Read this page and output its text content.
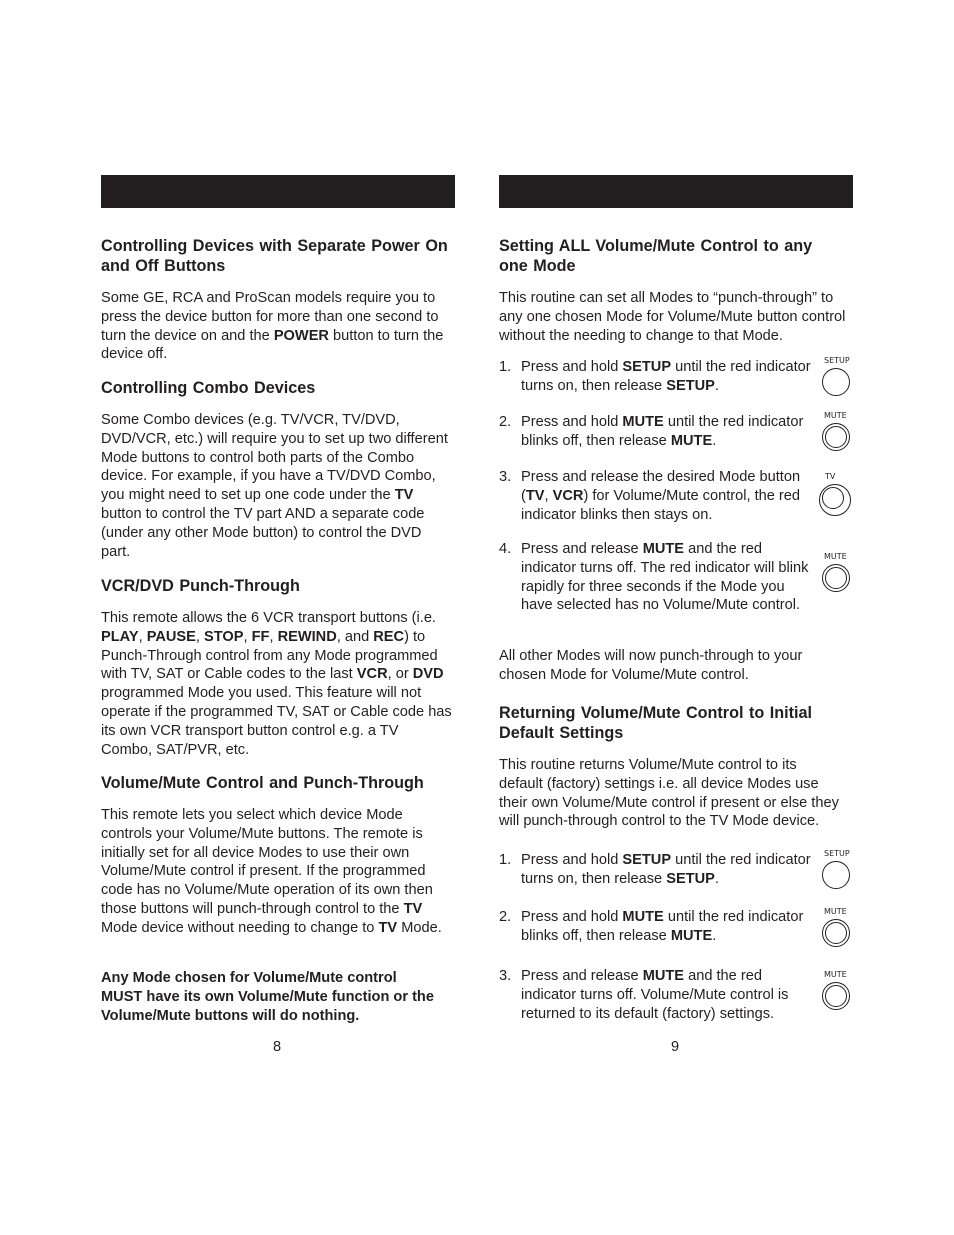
Controlling Devices with Separate Power On and Off Buttons

Some GE, RCA and ProScan models require you to press the device button for more than one second to turn the device on and the POWER button to turn the device off.

Controlling Combo Devices

Some Combo devices (e.g. TV/VCR, TV/DVD, DVD/VCR, etc.) will require you to set up two different Mode buttons to control both parts of the Combo device. For example, if you have a TV/DVD Combo, you might need to set up one code under the TV button to control the TV part AND a separate code (under any other Mode button) to control the DVD part.

VCR/DVD Punch-Through

This remote allows the 6 VCR transport buttons (i.e. PLAY, PAUSE, STOP, FF, REWIND, and REC) to Punch-Through control from any Mode programmed with TV, SAT or Cable codes to the last VCR, or DVD programmed Mode you used. This feature will not operate if the programmed TV, SAT or Cable code has its own VCR transport button control e.g. a TV Combo, SAT/PVR, etc.

Volume/Mute Control and Punch-Through

This remote lets you select which device Mode controls your Volume/Mute buttons. The remote is initially set for all device Modes to use their own Volume/Mute control if present. If the programmed code has no Volume/Mute operation of its own then those buttons will punch-through control to the TV Mode device without needing to change to TV Mode.

Any Mode chosen for Volume/Mute control MUST have its own Volume/Mute function or the Volume/Mute buttons will do nothing.

8
Setting ALL Volume/Mute Control to any one Mode

This routine can set all Modes to “punch-through” to any one chosen Mode for Volume/Mute button control without the needing to change to that Mode.

1. Press and hold SETUP until the red indicator turns on, then release SETUP.
SETUP
2. Press and hold MUTE until the red indicator blinks off, then release MUTE.
MUTE
3. Press and release the desired Mode button (TV, VCR) for Volume/Mute control, the red indicator blinks then stays on.
TV
4. Press and release MUTE and the red indicator turns off. The red indicator will blink rapidly for three seconds if the Mode you have selected has no Volume/Mute control.
MUTE

All other Modes will now punch-through to your chosen Mode for Volume/Mute control.

Returning Volume/Mute Control to Initial Default Settings

This routine returns Volume/Mute control to its default (factory) settings i.e. all device Modes use their own Volume/Mute control if present or else they will punch-through control to the TV Mode device.

1. Press and hold SETUP until the red indicator turns on, then release SETUP.
SETUP
2. Press and hold MUTE until the red indicator blinks off, then release MUTE.
MUTE
3. Press and release MUTE and the red indicator turns off. Volume/Mute control is returned to its default (factory) settings.
MUTE
9
